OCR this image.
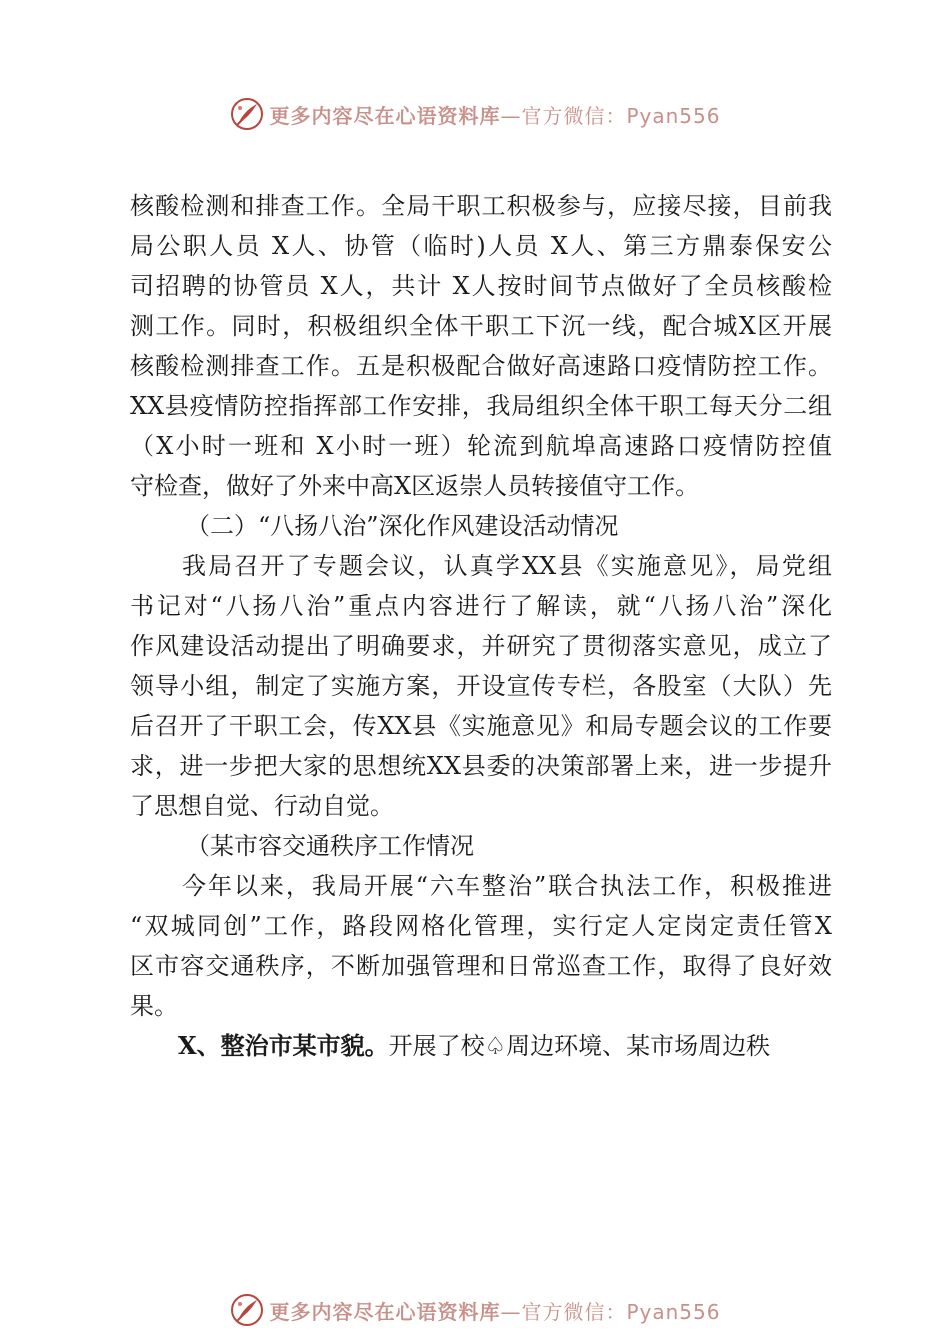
更多内容尽在心语资料库—官方微信：Pyan556
核酸检测和排查工作。全局干职工积极参与，应接尽接，目前我
局公职人员 X人、协管（临时)人员 X人、第三方鼎泰保安公
司招聘的协管员 X人，共计 X人按时间节点做好了全员核酸检
测工作。同时，积极组织全体干职工下沉一线，配合城X区开展
核酸检测排查工作。五是积极配合做好高速路口疫情防控工作。
XX县疫情防控指挥部工作安排，我局组织全体干职工每天分二组
（X小时一班和 X小时一班）轮流到航埠高速路口疫情防控值
守检查，做好了外来中高X区返崇人员转接值守工作。
（二）“八扬八治”深化作风建设活动情况
我局召开了专题会议，认真学XX县《实施意见》，局党组
书记对“八扬八治”重点内容进行了解读，就“八扬八治”深化
作风建设活动提出了明确要求，并研究了贯彻落实意见，成立了
领导小组，制定了实施方案，开设宣传专栏，各股室（大队）先
后召开了干职工会，传XX县《实施意见》和局专题会议的工作要
求，进一步把大家的思想统XX县委的决策部署上来，进一步提升
了思想自觉、行动自觉。
（某市容交通秩序工作情况
今年以来，我局开展“六车整治”联合执法工作，积极推进
“双城同创”工作，路段网格化管理，实行定人定岗定责任管X
区市容交通秩序，不断加强管理和日常巡查工作，取得了良好效
果。
X、整治市某市貌。开展了校♤周边环境、某市场周边秩
更多内容尽在心语资料库—官方微信：Pyan556
